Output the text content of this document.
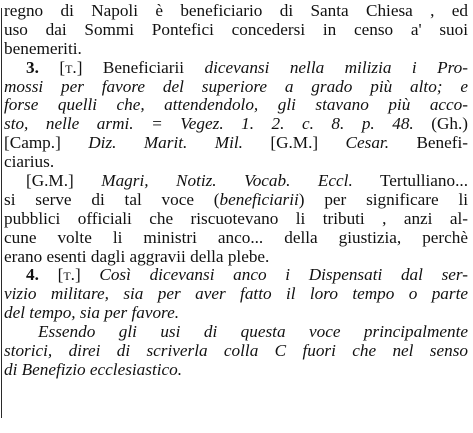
regno di Napoli è beneficiario di Santa Chiesa , ed
uso dai Sommi Pontefici concedersi in censo a' suoi
benemeriti.
3. [t.] Beneficiarii dicevansi nella milizia i Pro-
mossi per favore del superiore a grado più alto; e
forse quelli che, attendendolo, gli stavano più acco-
sto, nelle armi. = Vegez. 1. 2. c. 8. p. 48. (Gh.)
[Camp.] Diz. Marit. Mil. [G.M.] Cesar. Benefi-
ciarius.
[G.M.] Magri, Notiz. Vocab. Eccl. Tertulliano...
si serve di tal voce (beneficiarii) per significare li
pubblici officiali che riscuotevano li tributi , anzi al-
cune volte li ministri anco... della giustizia, perchè
erano esenti dagli aggravii della plebe.
4. [t.] Così dicevansi anco i Dispensati dal ser-
vizio militare, sia per aver fatto il loro tempo o parte
del tempo, sia per favore.
Essendo gli usi di questa voce principalmente
storici, direi di scriverla colla C fuori che nel senso
di Benefizio ecclesiastico.
